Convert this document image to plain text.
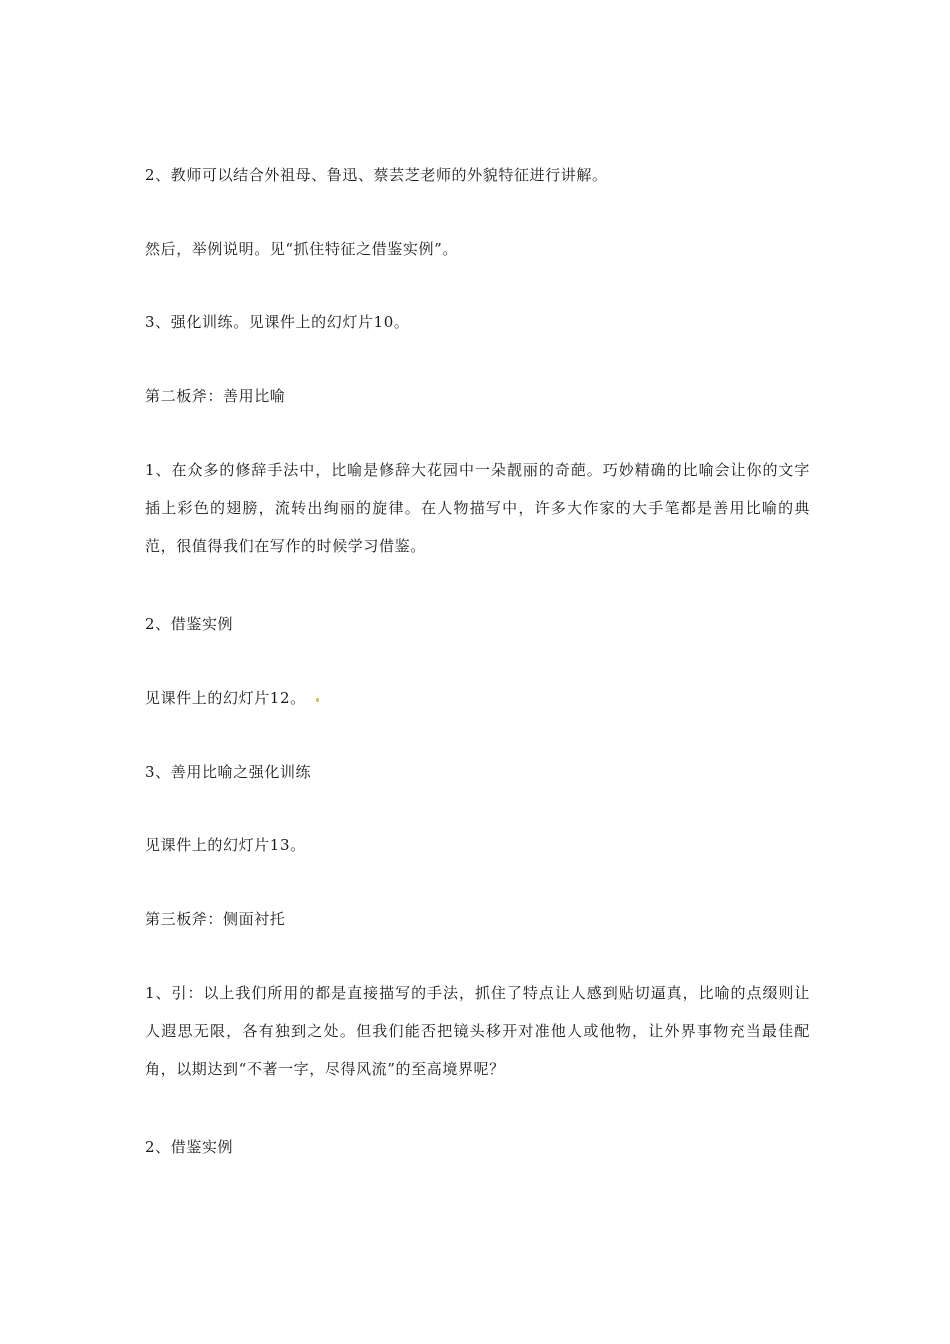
2、教师可以结合外祖母、鲁迅、蔡芸芝老师的外貌特征进行讲解。

然后，举例说明。见“抓住特征之借鉴实例”。

3、强化训练。见课件上的幻灯片10。

第二板斧：善用比喻

1、在众多的修辞手法中，比喻是修辞大花园中一朵靓丽的奇葩。巧妙精确的比喻会让你的文字插上彩色的翅膀，流转出绚丽的旋律。在人物描写中，许多大作家的大手笔都是善用比喻的典范，很值得我们在写作的时候学习借鉴。

2、借鉴实例

见课件上的幻灯片12。

3、善用比喻之强化训练

见课件上的幻灯片13。

第三板斧：侧面衬托

1、引：以上我们所用的都是直接描写的手法，抓住了特点让人感到贴切逼真，比喻的点缀则让人遐思无限，各有独到之处。但我们能否把镜头移开对准他人或他物，让外界事物充当最佳配角，以期达到“不著一字，尽得风流”的至高境界呢？

2、借鉴实例
